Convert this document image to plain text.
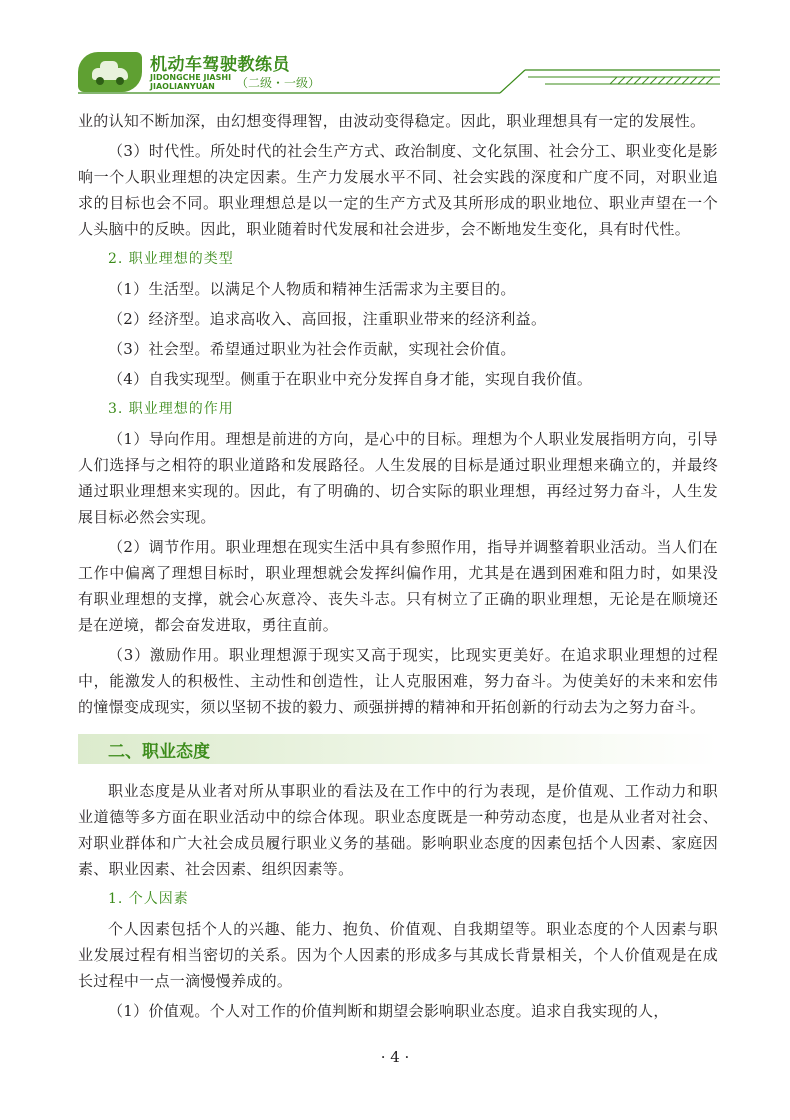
机动车驾驶教练员
JIDONGCHE JIASHI
JIAOLIANYUAN	（二级・一级）

业的认知不断加深，由幻想变得理智，由波动变得稳定。因此，职业理想具有一定的发展性。

（3）时代性。所处时代的社会生产方式、政治制度、文化氛围、社会分工、职业变化是影响一个人职业理想的决定因素。生产力发展水平不同、社会实践的深度和广度不同，对职业追求的目标也会不同。职业理想总是以一定的生产方式及其所形成的职业地位、职业声望在一个人头脑中的反映。因此，职业随着时代发展和社会进步，会不断地发生变化，具有时代性。

2. 职业理想的类型

（1）生活型。以满足个人物质和精神生活需求为主要目的。

（2）经济型。追求高收入、高回报，注重职业带来的经济利益。

（3）社会型。希望通过职业为社会作贡献，实现社会价值。

（4）自我实现型。侧重于在职业中充分发挥自身才能，实现自我价值。

3. 职业理想的作用

（1）导向作用。理想是前进的方向，是心中的目标。理想为个人职业发展指明方向，引导人们选择与之相符的职业道路和发展路径。人生发展的目标是通过职业理想来确立的，并最终通过职业理想来实现的。因此，有了明确的、切合实际的职业理想，再经过努力奋斗，人生发展目标必然会实现。

（2）调节作用。职业理想在现实生活中具有参照作用，指导并调整着职业活动。当人们在工作中偏离了理想目标时，职业理想就会发挥纠偏作用，尤其是在遇到困难和阻力时，如果没有职业理想的支撑，就会心灰意冷、丧失斗志。只有树立了正确的职业理想，无论是在顺境还是在逆境，都会奋发进取，勇往直前。

（3）激励作用。职业理想源于现实又高于现实，比现实更美好。在追求职业理想的过程中，能激发人的积极性、主动性和创造性，让人克服困难，努力奋斗。为使美好的未来和宏伟的憧憬变成现实，须以坚韧不拔的毅力、顽强拼搏的精神和开拓创新的行动去为之努力奋斗。

二、职业态度

职业态度是从业者对所从事职业的看法及在工作中的行为表现，是价值观、工作动力和职业道德等多方面在职业活动中的综合体现。职业态度既是一种劳动态度，也是从业者对社会、对职业群体和广大社会成员履行职业义务的基础。影响职业态度的因素包括个人因素、家庭因素、职业因素、社会因素、组织因素等。

1. 个人因素

个人因素包括个人的兴趣、能力、抱负、价值观、自我期望等。职业态度的个人因素与职业发展过程有相当密切的关系。因为个人因素的形成多与其成长背景相关，个人价值观是在成长过程中一点一滴慢慢养成的。

（1）价值观。个人对工作的价值判断和期望会影响职业态度。追求自我实现的人，

· 4 ·
